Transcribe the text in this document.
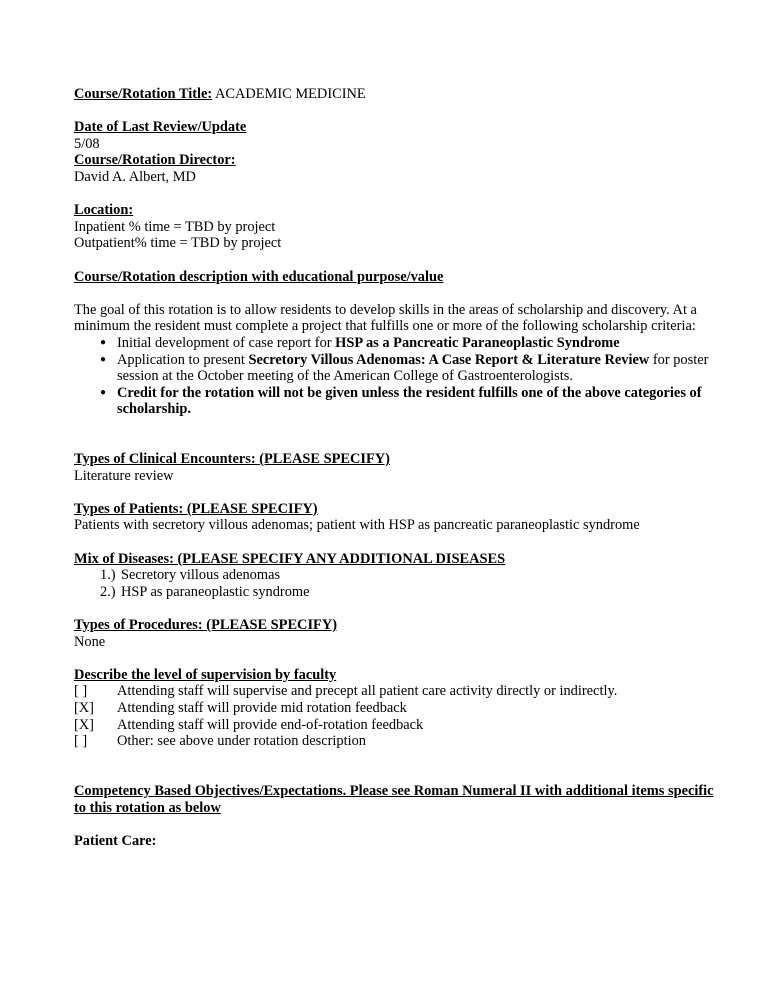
Course/Rotation Title: ACADEMIC MEDICINE

Date of Last Review/Update

5/08

Course/Rotation Director:

David A. Albert, MD

Location:

Inpatient % time = TBD by project

Outpatient% time = TBD by project

Course/Rotation description with educational purpose/value

The goal of this rotation is to allow residents to develop skills in the areas of scholarship and discovery. At a minimum the resident must complete a project that fulfills one or more of the following scholarship criteria:

● Initial development of case report for HSP as a Pancreatic Paraneoplastic Syndrome
● Application to present Secretory Villous Adenomas: A Case Report & Literature Review for poster session at the October meeting of the American College of Gastroenterologists.
● Credit for the rotation will not be given unless the resident fulfills one of the above categories of scholarship.

Types of Clinical Encounters: (PLEASE SPECIFY)

Literature review

Types of Patients: (PLEASE SPECIFY)

Patients with secretory villous adenomas; patient with HSP as pancreatic paraneoplastic syndrome

Mix of Diseases: (PLEASE SPECIFY ANY ADDITIONAL DISEASES

1.) Secretory villous adenomas
2.) HSP as paraneoplastic syndrome

Types of Procedures: (PLEASE SPECIFY)

None

Describe the level of supervision by faculty

[ ]	Attending staff will supervise and precept all patient care activity directly or indirectly.
[X]	Attending staff will provide mid rotation feedback
[X]	Attending staff will provide end-of-rotation feedback
[ ]	Other: see above under rotation description

Competency Based Objectives/Expectations. Please see Roman Numeral II with additional items specific to this rotation as below

Patient Care:
